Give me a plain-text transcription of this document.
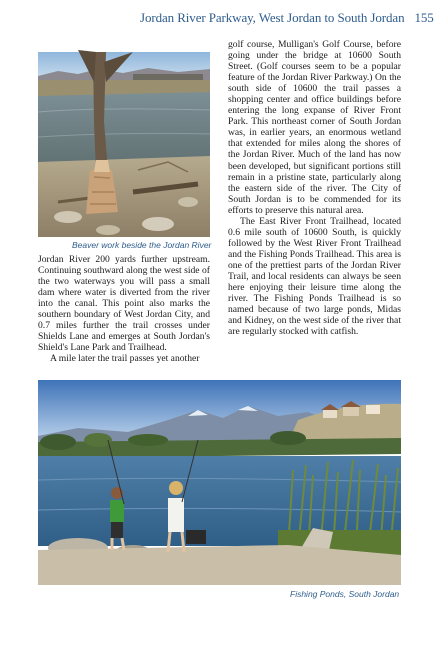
Jordan River Parkway, West Jordan to South Jordan 155
Beaver work beside the Jordan River

Jordan River 200 yards further upstream. Continuing southward along the west side of the two waterways you will pass a small dam where water is diverted from the river into the canal. This point also marks the southern boundary of West Jordan City, and 0.7 miles further the trail crosses under Shields Lane and emerges at South Jordan's Shield's Lane Park and Trailhead.

A mile later the trail passes yet another

golf course, Mulligan's Golf Course, before going under the bridge at 10600 South Street. (Golf courses seem to be a popular feature of the Jordan River Parkway.) On the south side of 10600 the trail passes a shopping center and office buildings before entering the long expanse of River Front Park. This northeast corner of South Jordan was, in earlier years, an enormous wetland that extended for miles along the shores of the Jordan River. Much of the land has now been developed, but significant portions still remain in a pristine state, particularly along the eastern side of the river. The City of South Jordan is to be commended for its efforts to preserve this natural area.

The East River Front Trailhead, located 0.6 mile south of 10600 South, is quickly followed by the West River Front Trailhead and the Fishing Ponds Trailhead. This area is one of the prettiest parts of the Jordan River Trail, and local residents can always be seen here enjoying their leisure time along the river. The Fishing Ponds Trailhead is so named because of two large ponds, Midas and Kidney, on the west side of the river that are regularly stocked with catfish.

Fishing Ponds, South Jordan
